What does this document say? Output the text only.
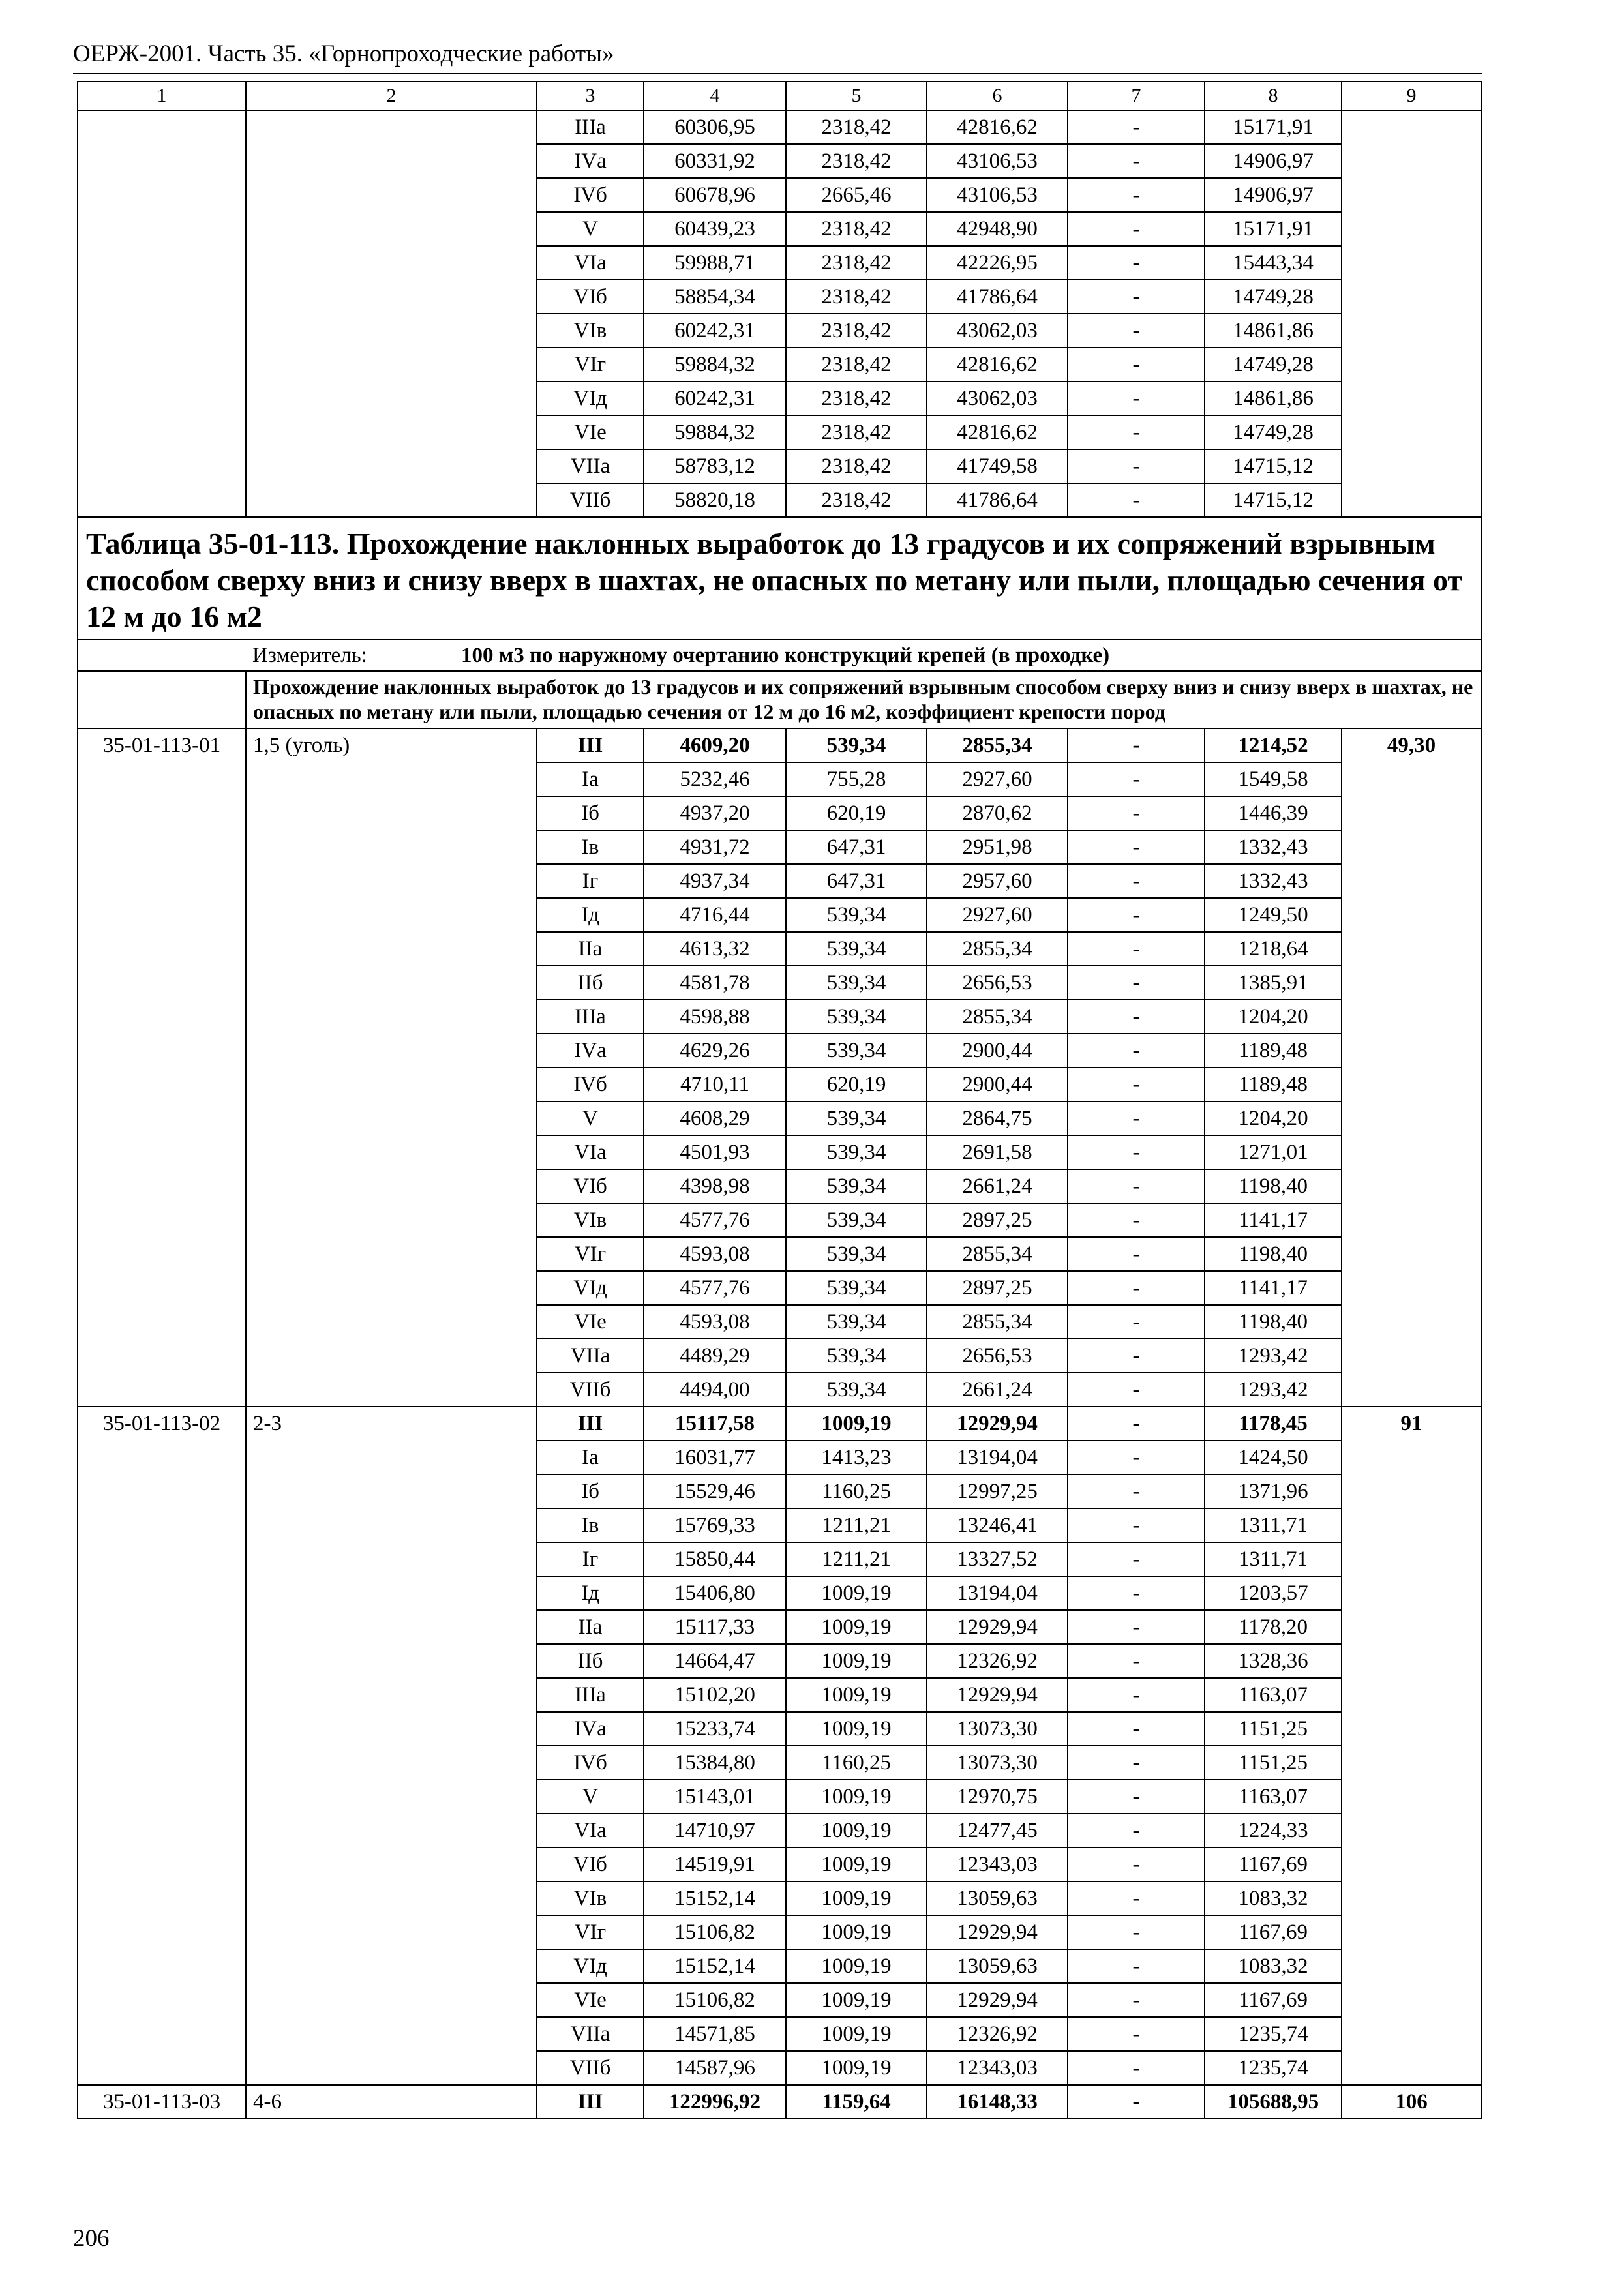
ОЕРЖ-2001. Часть 35. «Горнопроходческие работы»
1	2	3	4	5	6	7	8	9
		IIIа	60306,95	2318,42	42816,62	-	15171,91	
		IVа	60331,92	2318,42	43106,53	-	14906,97	
		IVб	60678,96	2665,46	43106,53	-	14906,97	
		V	60439,23	2318,42	42948,90	-	15171,91	
		VIа	59988,71	2318,42	42226,95	-	15443,34	
		VIб	58854,34	2318,42	41786,64	-	14749,28	
		VIв	60242,31	2318,42	43062,03	-	14861,86	
		VIг	59884,32	2318,42	42816,62	-	14749,28	
		VIд	60242,31	2318,42	43062,03	-	14861,86	
		VIе	59884,32	2318,42	42816,62	-	14749,28	
		VIIа	58783,12	2318,42	41749,58	-	14715,12	
		VIIб	58820,18	2318,42	41786,64	-	14715,12	
Таблица 35-01-113. Прохождение наклонных выработок до 13 градусов и их сопряжений взрывным способом сверху вниз и снизу вверх в шахтах, не опасных по метану или пыли, площадью сечения от 12 м до 16 м2								
	Измеритель: 100 м3 по наружному очертанию конструкций крепей (в проходке)							
	Прохождение наклонных выработок до 13 градусов и их сопряжений взрывным способом сверху вниз и снизу вверх в шахтах, не опасных по метану или пыли, площадью сечения от 12 м до 16 м2, коэффициент крепости пород							
35-01-113-01	1,5 (уголь)	III	4609,20	539,34	2855,34	-	1214,52	49,30
		Iа	5232,46	755,28	2927,60	-	1549,58	
		Iб	4937,20	620,19	2870,62	-	1446,39	
		Iв	4931,72	647,31	2951,98	-	1332,43	
		Iг	4937,34	647,31	2957,60	-	1332,43	
		Iд	4716,44	539,34	2927,60	-	1249,50	
		IIа	4613,32	539,34	2855,34	-	1218,64	
		IIб	4581,78	539,34	2656,53	-	1385,91	
		IIIа	4598,88	539,34	2855,34	-	1204,20	
		IVа	4629,26	539,34	2900,44	-	1189,48	
		IVб	4710,11	620,19	2900,44	-	1189,48	
		V	4608,29	539,34	2864,75	-	1204,20	
		VIа	4501,93	539,34	2691,58	-	1271,01	
		VIб	4398,98	539,34	2661,24	-	1198,40	
		VIв	4577,76	539,34	2897,25	-	1141,17	
		VIг	4593,08	539,34	2855,34	-	1198,40	
		VIд	4577,76	539,34	2897,25	-	1141,17	
		VIе	4593,08	539,34	2855,34	-	1198,40	
		VIIа	4489,29	539,34	2656,53	-	1293,42	
		VIIб	4494,00	539,34	2661,24	-	1293,42	
35-01-113-02	2-3	III	15117,58	1009,19	12929,94	-	1178,45	91
		Iа	16031,77	1413,23	13194,04	-	1424,50	
		Iб	15529,46	1160,25	12997,25	-	1371,96	
		Iв	15769,33	1211,21	13246,41	-	1311,71	
		Iг	15850,44	1211,21	13327,52	-	1311,71	
		Iд	15406,80	1009,19	13194,04	-	1203,57	
		IIа	15117,33	1009,19	12929,94	-	1178,20	
		IIб	14664,47	1009,19	12326,92	-	1328,36	
		IIIа	15102,20	1009,19	12929,94	-	1163,07	
		IVа	15233,74	1009,19	13073,30	-	1151,25	
		IVб	15384,80	1160,25	13073,30	-	1151,25	
		V	15143,01	1009,19	12970,75	-	1163,07	
		VIа	14710,97	1009,19	12477,45	-	1224,33	
		VIб	14519,91	1009,19	12343,03	-	1167,69	
		VIв	15152,14	1009,19	13059,63	-	1083,32	
		VIг	15106,82	1009,19	12929,94	-	1167,69	
		VIд	15152,14	1009,19	13059,63	-	1083,32	
		VIе	15106,82	1009,19	12929,94	-	1167,69	
		VIIа	14571,85	1009,19	12326,92	-	1235,74	
		VIIб	14587,96	1009,19	12343,03	-	1235,74	
35-01-113-03	4-6	III	122996,92	1159,64	16148,33	-	105688,95	106
206
